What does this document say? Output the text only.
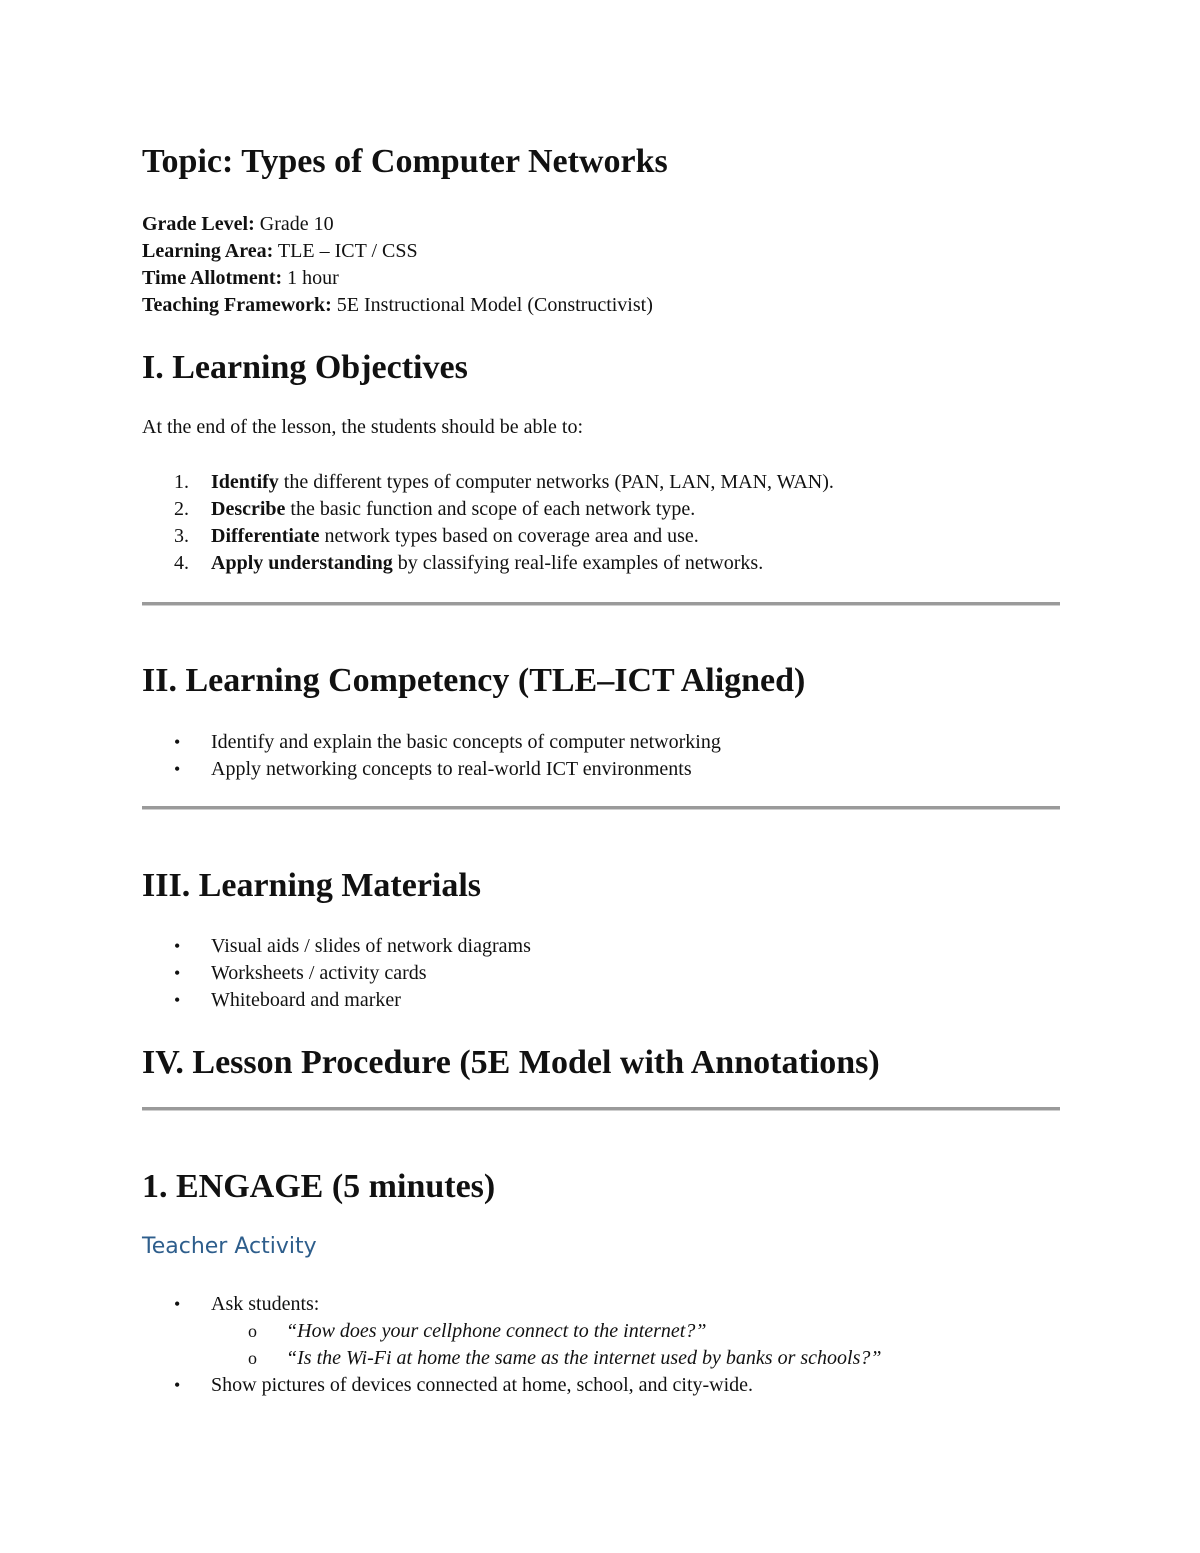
Topic: Types of Computer Networks
Grade Level: Grade 10
Learning Area: TLE – ICT / CSS
Time Allotment: 1 hour
Teaching Framework: 5E Instructional Model (Constructivist)
I. Learning Objectives
At the end of the lesson, the students should be able to:
1. Identify the different types of computer networks (PAN, LAN, MAN, WAN).
2. Describe the basic function and scope of each network type.
3. Differentiate network types based on coverage area and use.
4. Apply understanding by classifying real-life examples of networks.
II. Learning Competency (TLE–ICT Aligned)
• Identify and explain the basic concepts of computer networking
• Apply networking concepts to real-world ICT environments
III. Learning Materials
• Visual aids / slides of network diagrams
• Worksheets / activity cards
• Whiteboard and marker
IV. Lesson Procedure (5E Model with Annotations)
1. ENGAGE (5 minutes)
Teacher Activity
• Ask students:
o “How does your cellphone connect to the internet?”
o “Is the Wi-Fi at home the same as the internet used by banks or schools?”
• Show pictures of devices connected at home, school, and city-wide.
